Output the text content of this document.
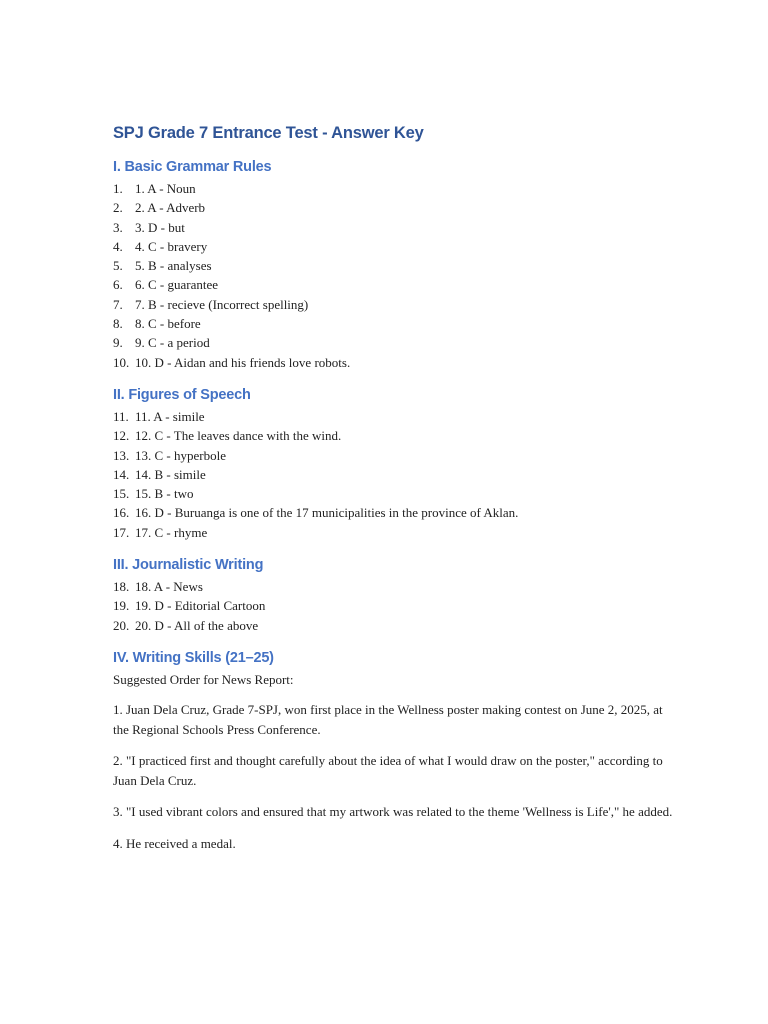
SPJ Grade 7 Entrance Test - Answer Key
I. Basic Grammar Rules
1. 1. A - Noun
2. 2. A - Adverb
3. 3. D - but
4. 4. C - bravery
5. 5. B - analyses
6. 6. C - guarantee
7. 7. B - recieve (Incorrect spelling)
8. 8. C - before
9. 9. C - a period
10. 10. D - Aidan and his friends love robots.
II. Figures of Speech
11. 11. A - simile
12. 12. C - The leaves dance with the wind.
13. 13. C - hyperbole
14. 14. B - simile
15. 15. B - two
16. 16. D - Buruanga is one of the 17 municipalities in the province of Aklan.
17. 17. C - rhyme
III. Journalistic Writing
18. 18. A - News
19. 19. D - Editorial Cartoon
20. 20. D - All of the above
IV. Writing Skills (21–25)

Suggested Order for News Report:

1. Juan Dela Cruz, Grade 7-SPJ, won first place in the Wellness poster making contest on June 2, 2025, at the Regional Schools Press Conference.

2. "I practiced first and thought carefully about the idea of what I would draw on the poster," according to Juan Dela Cruz.

3. "I used vibrant colors and ensured that my artwork was related to the theme 'Wellness is Life'," he added.

4. He received a medal.
